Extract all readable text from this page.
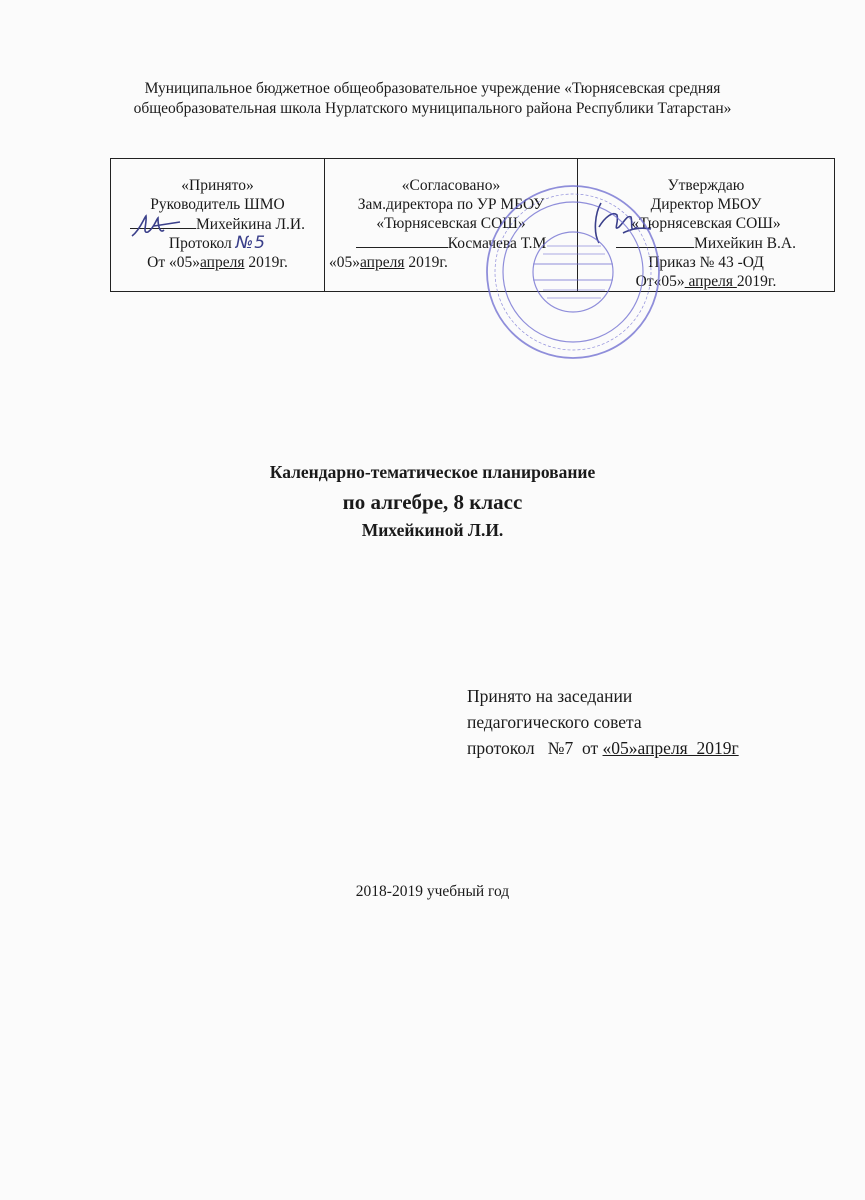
Муниципальное бюджетное общеобразовательное учреждение «Тюрнясевская средняя
общеобразовательная школа Нурлатского муниципального района Республики Татарстан»
«Принято»
Руководитель ШМО
Михейкина Л.И.
Протокол №5
От «05»апреля 2019г.

«Согласовано»
Зам.директора по УР МБОУ
«Тюрнясевская СОШ»
Космачева Т.М
«05»апреля 2019г.

Утверждаю
Директор МБОУ
«Тюрнясевская СОШ»
Михейкин В.А.
Приказ № 43 -ОД
От«05» апреля 2019г.
Календарно-тематическое планирование
по алгебре, 8 класс
Михейкиной Л.И.
Принято на заседании
педагогического совета
протокол   №7  от «05»апреля  2019г
2018-2019 учебный год
